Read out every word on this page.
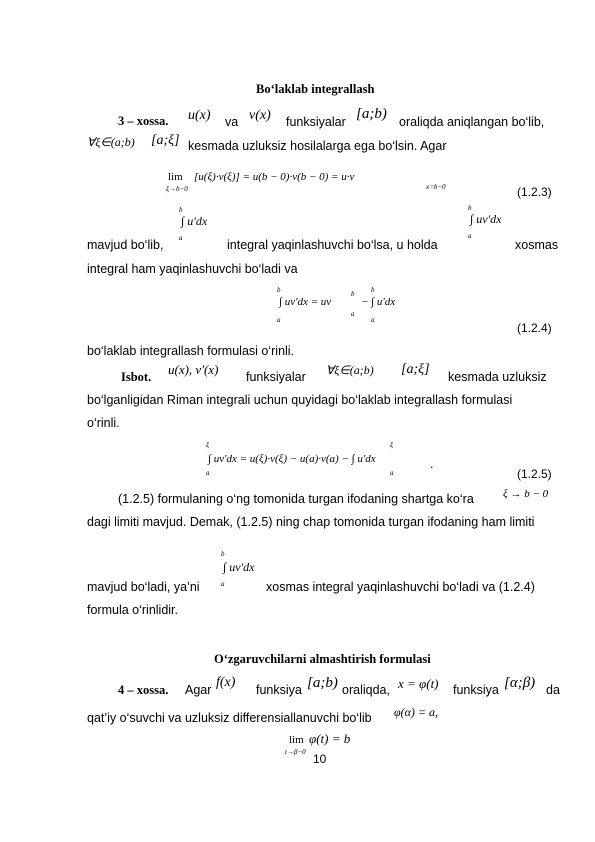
Bo‘laklab integrallash
3 – xossa. u(x) va v(x) funksiyalar [a;b) oraliqda aniqlangan bo‘lib,
∀ξ∈(a;b) [a;ξ] kesmada uzluksiz hosilalarga ega bo‘lsin. Agar
lim
ξ→b−0
[u(ξ)·v(ξ)] = u(b − 0)·v(b − 0) = u·v
x=b−0	(1.2.3)
mavjud bo‘lib,
b
∫ u'dx
a	integral yaqinlashuvchi bo‘lsa, u holda
b
∫ uv'dx
a
xosmas
integral ham yaqinlashuvchi bo‘ladi va
b
∫ uv'dx = uv
a
b
a
b
− ∫ u'dx
a
(1.2.4)
bo‘laklab integrallash formulasi o‘rinli.
Isbot. u(x), v'(x) funksiyalar ∀ξ∈(a;b) [a;ξ] kesmada uzluksiz
bo‘lganligidan Riman integrali uchun quyidagi bo‘laklab integrallash formulasi
o‘rinli.
ξ
∫ uv'dx = u(ξ)·v(ξ) − u(a)·v(a) − ∫ u'dx
a
ξ
a
.
(1.2.5)
(1.2.5) formulaning o‘ng tomonida turgan ifodaning shartga ko‘ra	ξ → b − 0
dagi limiti mavjud. Demak, (1.2.5) ning chap tomonida turgan ifodaning ham limiti
mavjud bo‘ladi, ya’ni
b
∫ uv'dx
a	xosmas integral yaqinlashuvchi bo‘ladi va (1.2.4)
formula o‘rinlidir.
O‘zgaruvchilarni almashtirish formulasi
4 – xossa. Agar f(x) funksiya [a;b) oraliqda, x = φ(t) funksiya [α;β) da
qat’iy o‘suvchi va uzluksiz differensiallanuvchi bo‘lib φ(α) = a,
lim
t→β−0
φ(t) = b
10
